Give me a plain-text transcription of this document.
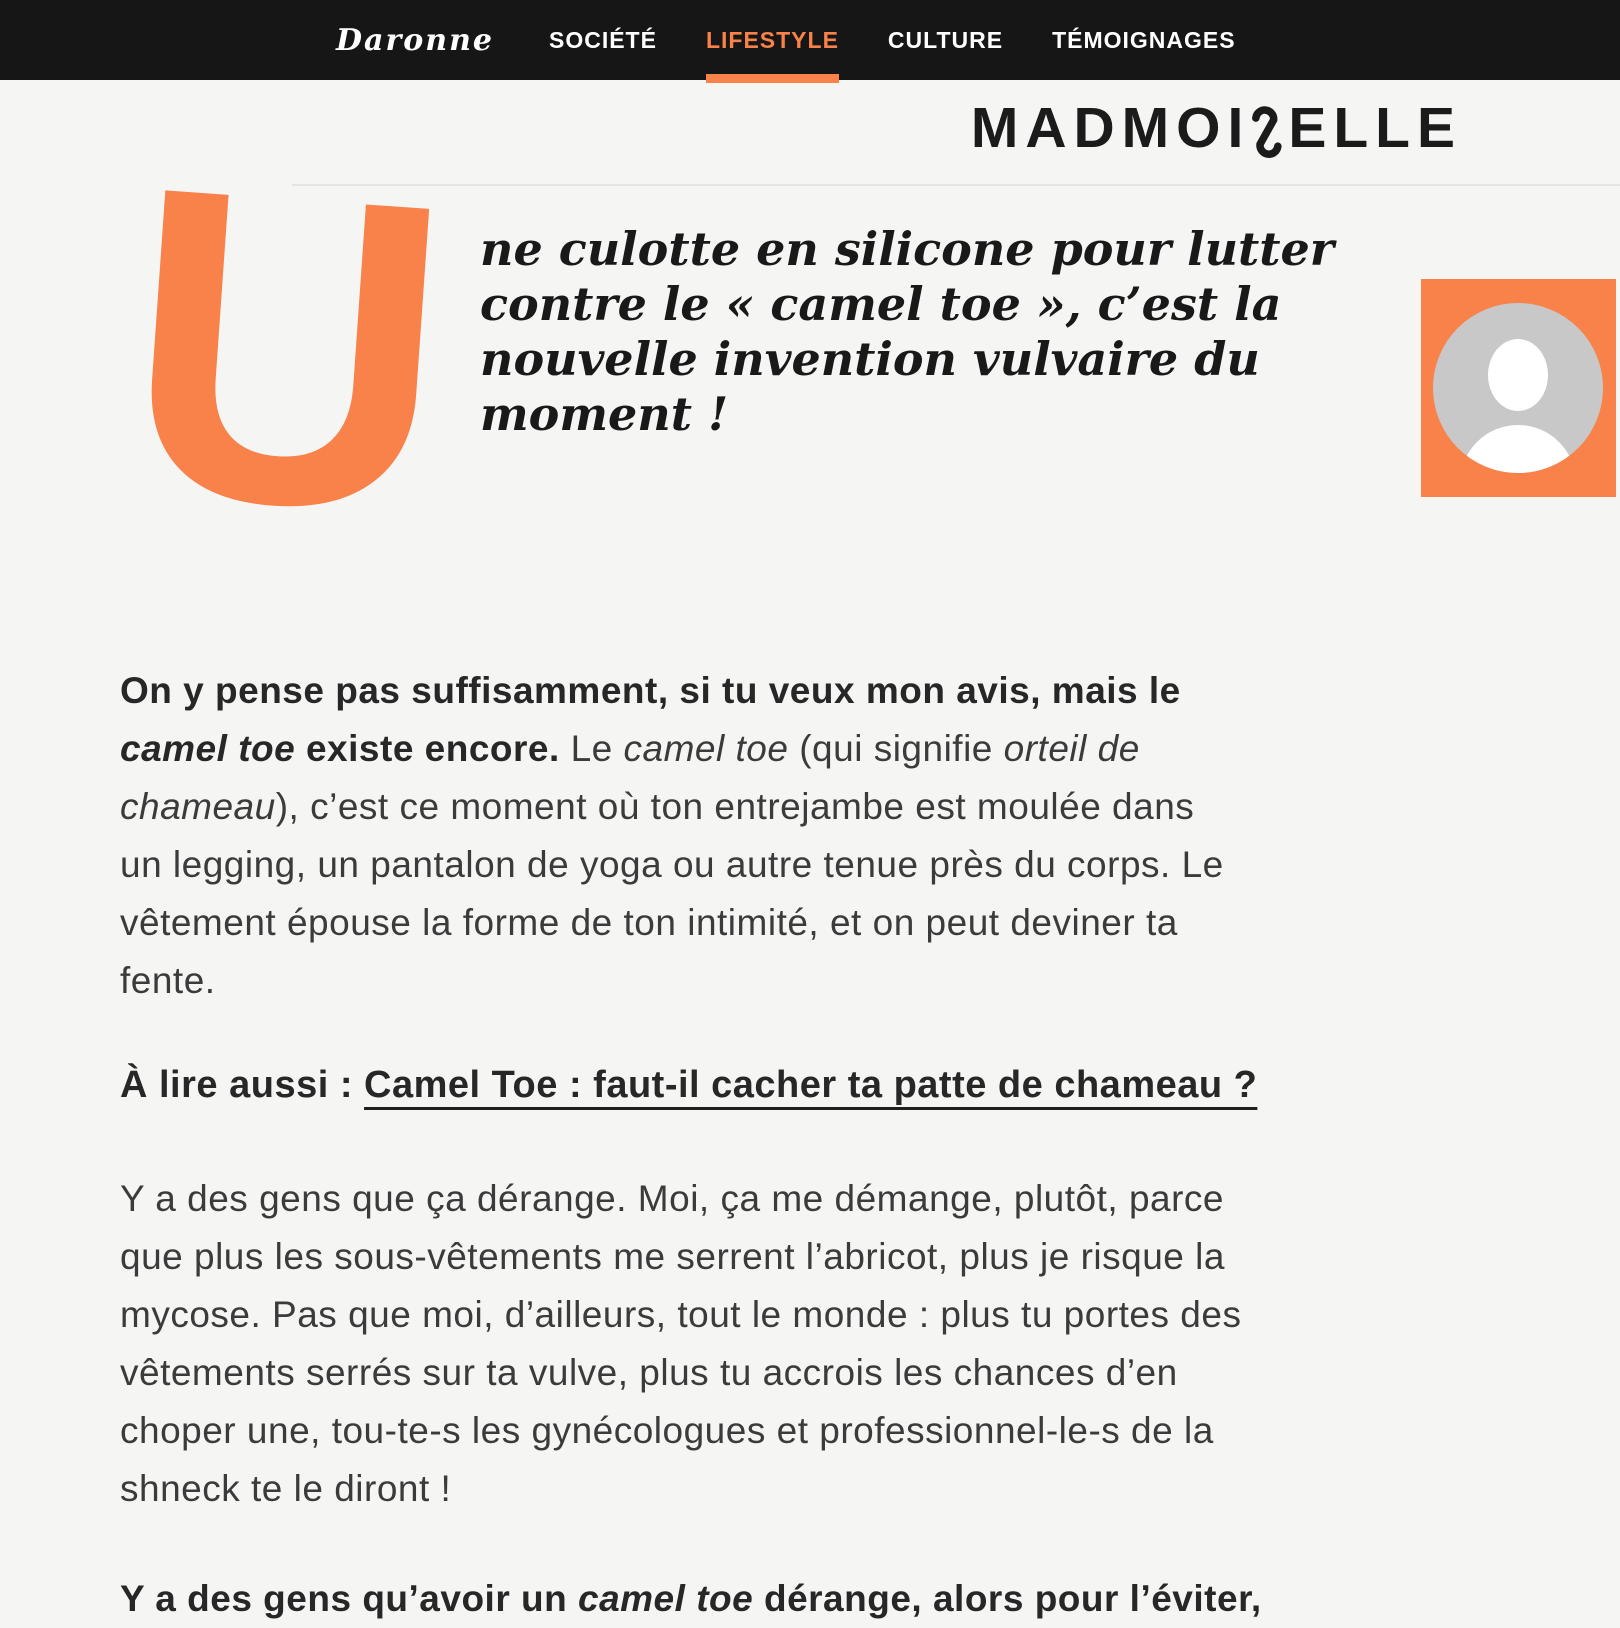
Daronne SOCIÉTÉ LIFESTYLE CULTURE TÉMOIGNAGES
MADMOI ELLE
U ne culotte en silicone pour lutter
contre le « camel toe », c’est la
nouvelle invention vulvaire du
moment !

On y pense pas suffisamment, si tu veux mon avis, mais le
camel toe existe encore. Le camel toe (qui signifie orteil de
chameau), c’est ce moment où ton entrejambe est moulée dans
un legging, un pantalon de yoga ou autre tenue près du corps. Le
vêtement épouse la forme de ton intimité, et on peut deviner ta
fente.

À lire aussi : Camel Toe : faut-il cacher ta patte de chameau ?

Y a des gens que ça dérange. Moi, ça me démange, plutôt, parce
que plus les sous-vêtements me serrent l’abricot, plus je risque la
mycose. Pas que moi, d’ailleurs, tout le monde : plus tu portes des
vêtements serrés sur ta vulve, plus tu accrois les chances d’en
choper une, tou-te-s les gynécologues et professionnel-le-s de la
shneck te le diront !

Y a des gens qu’avoir un camel toe dérange, alors pour l’éviter,
